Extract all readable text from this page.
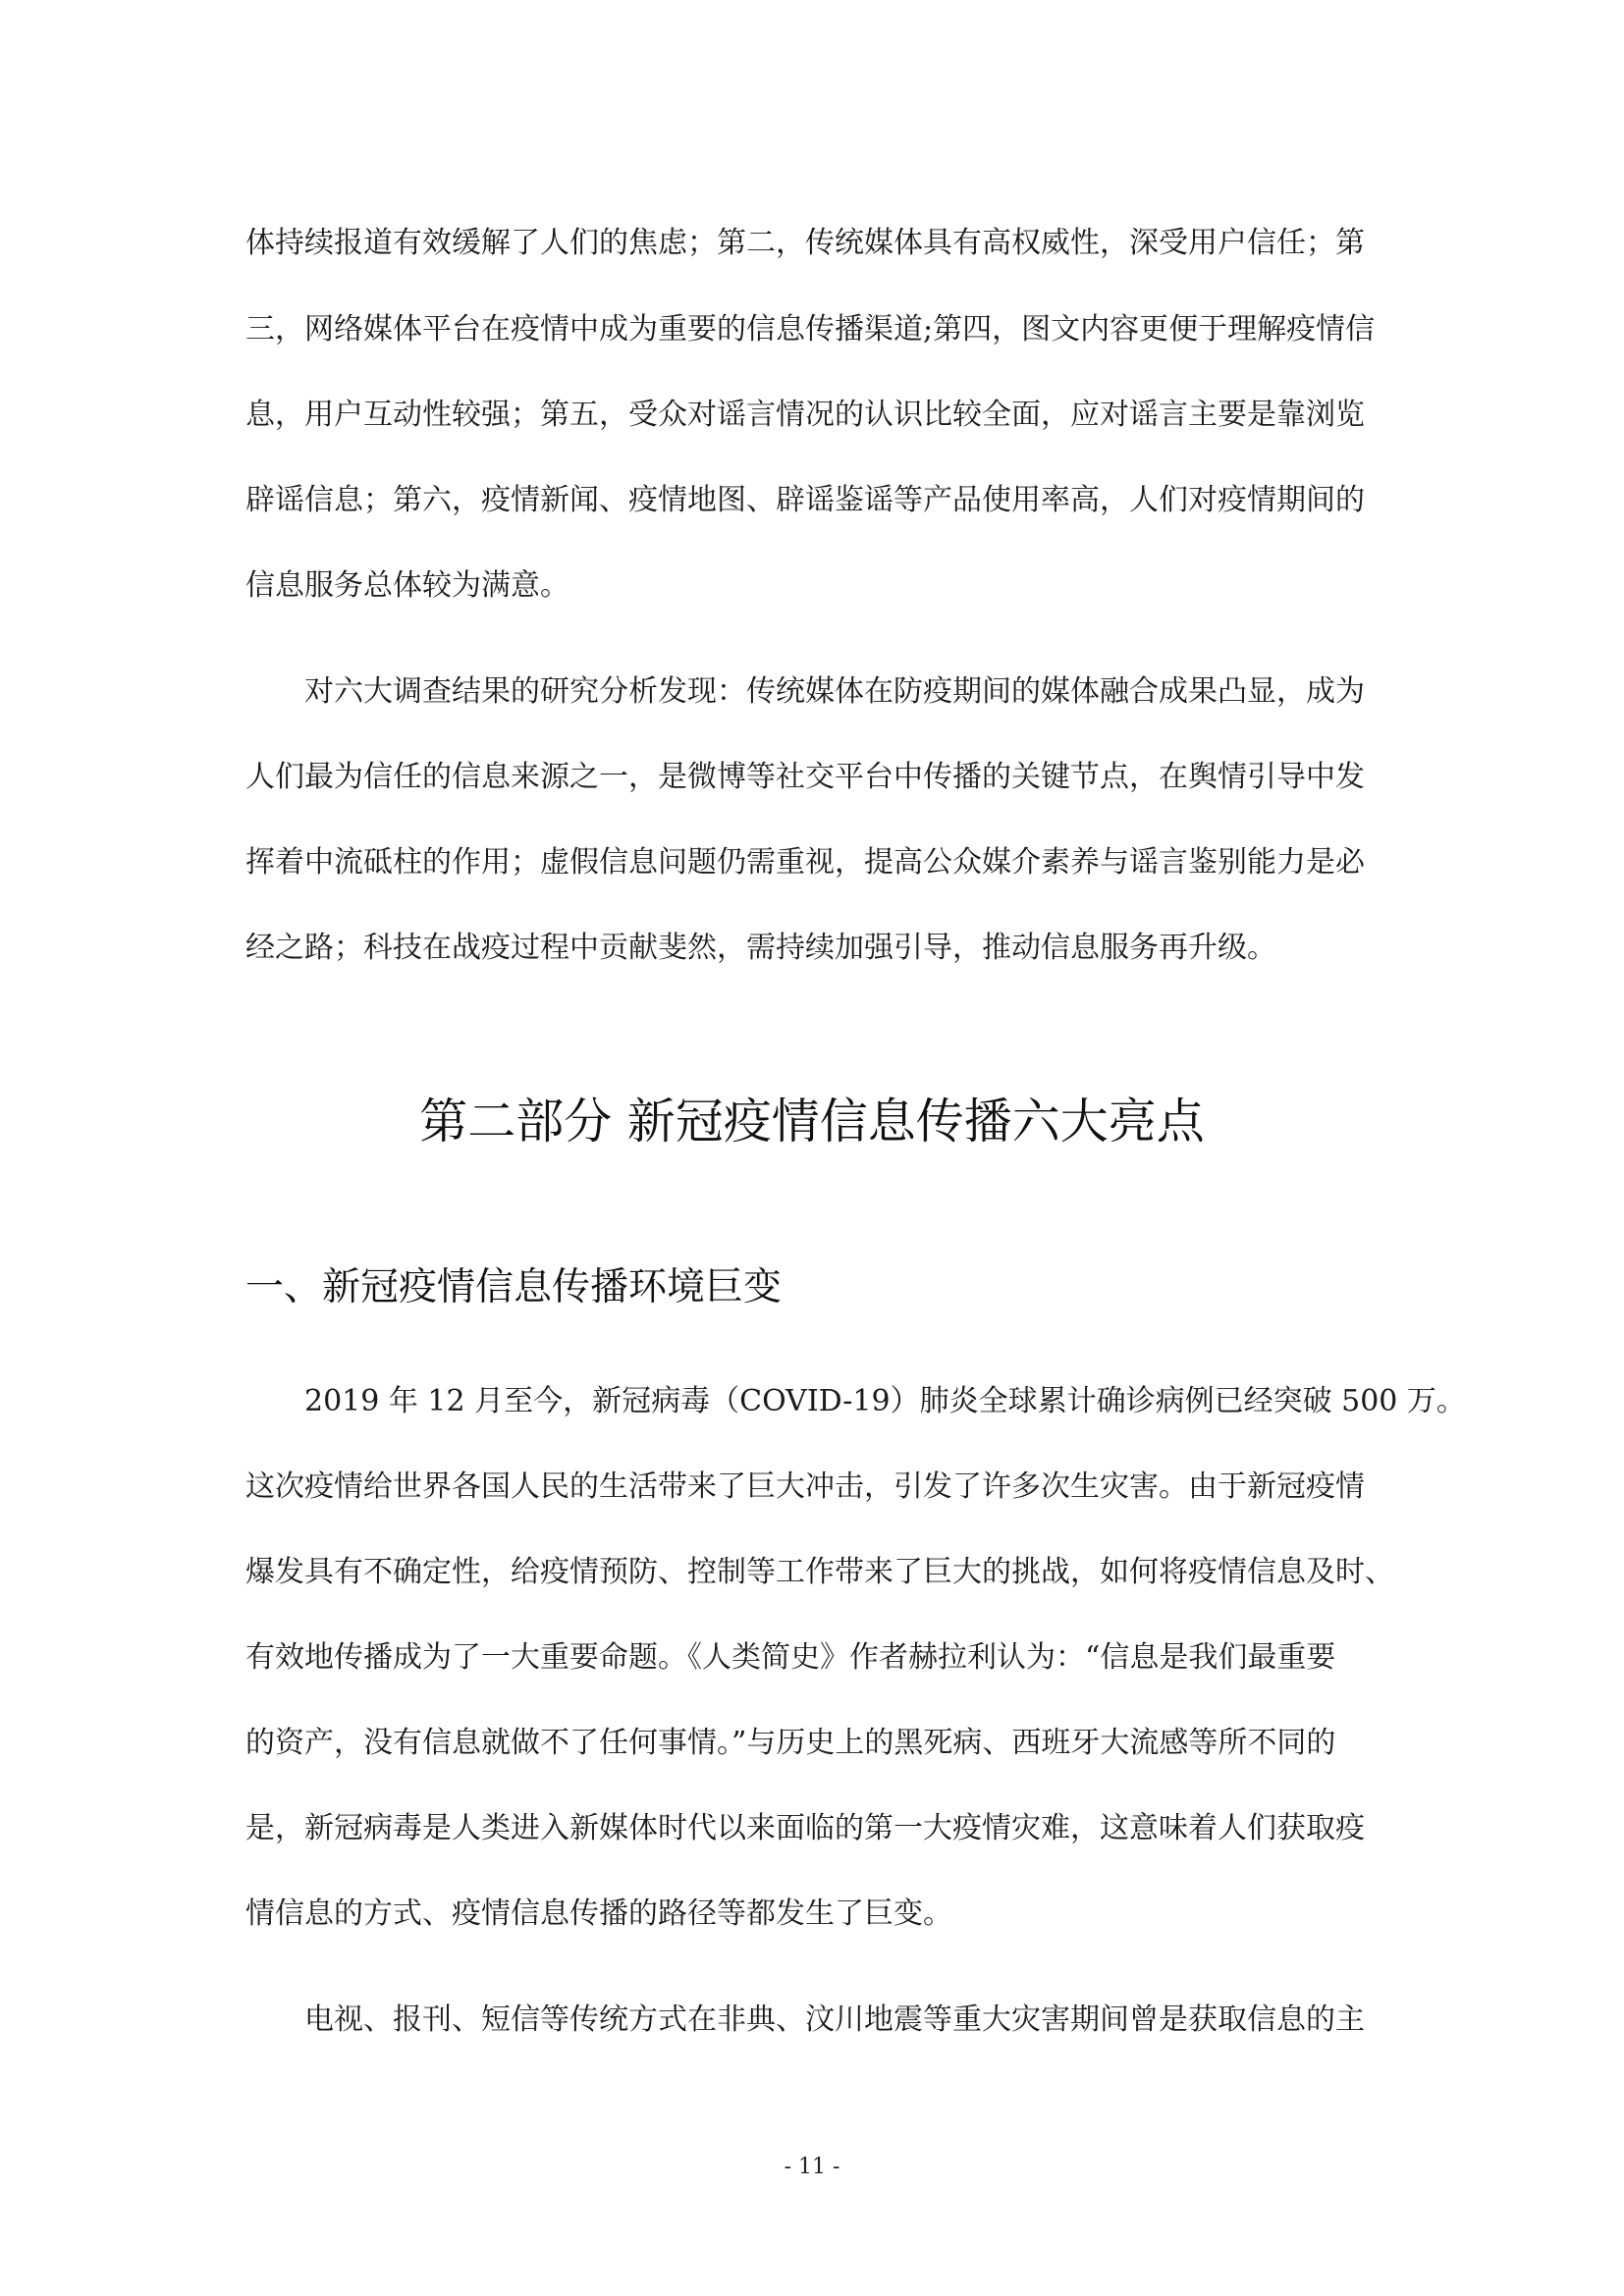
体持续报道有效缓解了人们的焦虑；第二，传统媒体具有高权威性，深受用户信任；第
三，网络媒体平台在疫情中成为重要的信息传播渠道;第四，图文内容更便于理解疫情信
息，用户互动性较强；第五，受众对谣言情况的认识比较全面，应对谣言主要是靠浏览
辟谣信息；第六，疫情新闻、疫情地图、辟谣鉴谣等产品使用率高，人们对疫情期间的
信息服务总体较为满意。
对六大调查结果的研究分析发现：传统媒体在防疫期间的媒体融合成果凸显，成为
人们最为信任的信息来源之一，是微博等社交平台中传播的关键节点，在舆情引导中发
挥着中流砥柱的作用；虚假信息问题仍需重视，提高公众媒介素养与谣言鉴别能力是必
经之路；科技在战疫过程中贡献斐然，需持续加强引导，推动信息服务再升级。
第二部分 新冠疫情信息传播六大亮点
一、新冠疫情信息传播环境巨变
2019 年 12 月至今，新冠病毒（COVID-19）肺炎全球累计确诊病例已经突破 500 万。
这次疫情给世界各国人民的生活带来了巨大冲击，引发了许多次生灾害。由于新冠疫情
爆发具有不确定性，给疫情预防、控制等工作带来了巨大的挑战，如何将疫情信息及时、
有效地传播成为了一大重要命题。《人类简史》作者赫拉利认为：“信息是我们最重要
的资产，没有信息就做不了任何事情。”与历史上的黑死病、西班牙大流感等所不同的
是，新冠病毒是人类进入新媒体时代以来面临的第一大疫情灾难，这意味着人们获取疫
情信息的方式、疫情信息传播的路径等都发生了巨变。
电视、报刊、短信等传统方式在非典、汶川地震等重大灾害期间曾是获取信息的主
- 11 -
